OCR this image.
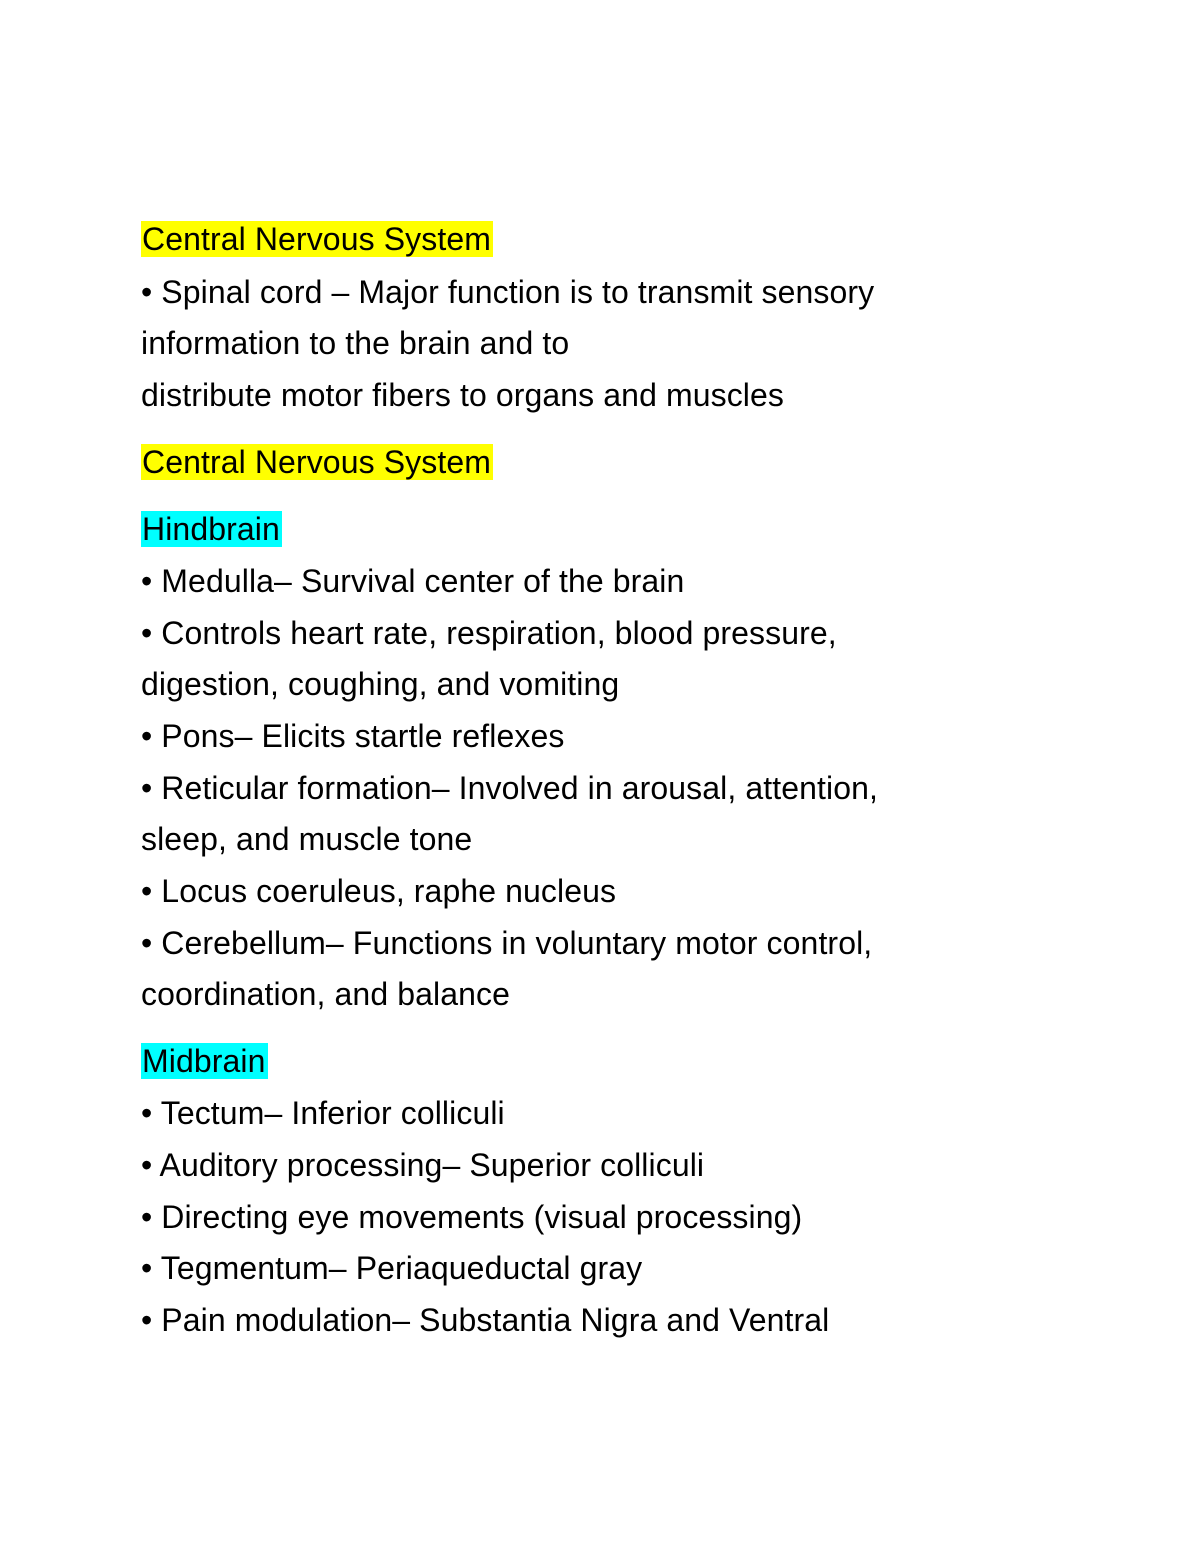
Central Nervous System
• Spinal cord – Major function is to transmit sensory
information to the brain and to
distribute motor fibers to organs and muscles
Central Nervous System
Hindbrain
• Medulla– Survival center of the brain
• Controls heart rate, respiration, blood pressure,
digestion, coughing, and vomiting
• Pons– Elicits startle reflexes
• Reticular formation– Involved in arousal, attention,
sleep, and muscle tone
• Locus coeruleus, raphe nucleus
• Cerebellum– Functions in voluntary motor control,
coordination, and balance
Midbrain
• Tectum– Inferior colliculi
• Auditory processing– Superior colliculi
• Directing eye movements (visual processing)
• Tegmentum– Periaqueductal gray
• Pain modulation– Substantia Nigra and Ventral
